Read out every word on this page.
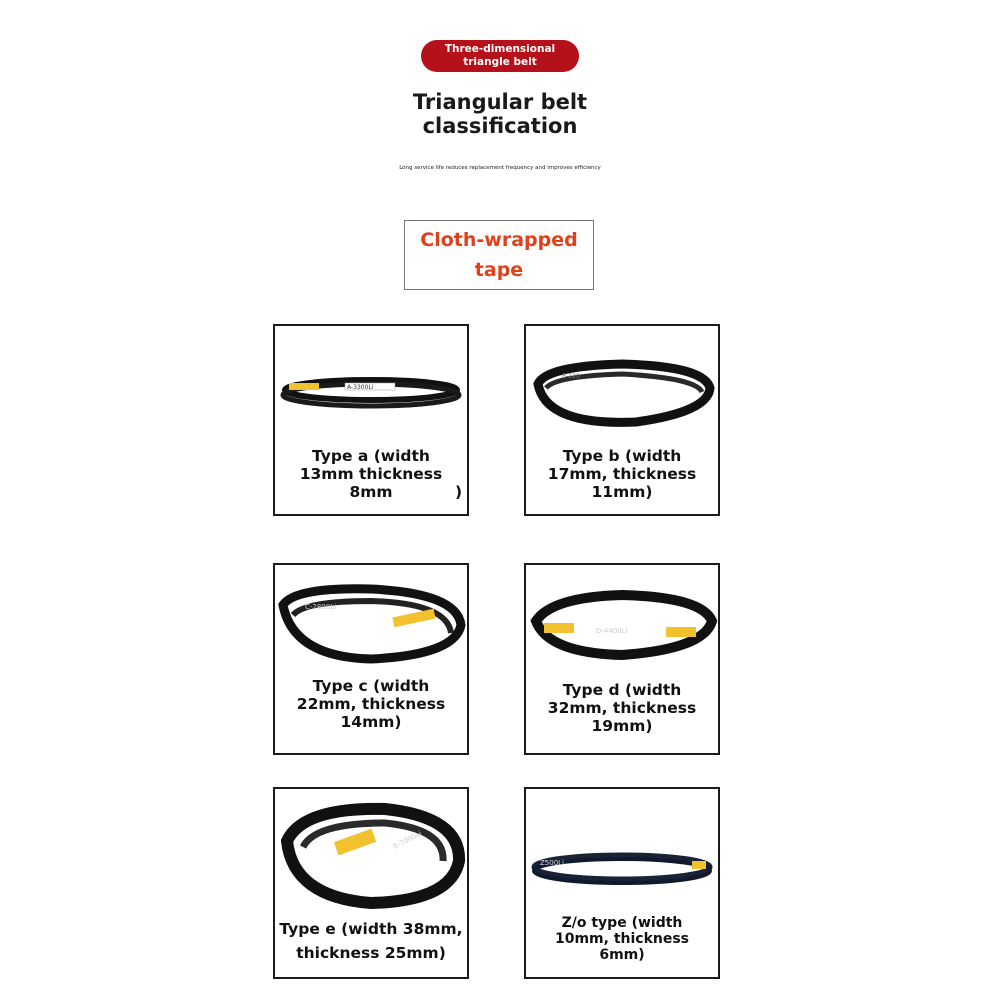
Three-dimensional
triangle belt
Triangular belt
classification
Long service life reduces replacement frequency and improves efficiency
Cloth-wrapped
tape
A-3300Li
Type a (width
13mm thickness
8mm	)
B-120
Type b (width
17mm, thickness
11mm)
C-2800Li
Type c (width
22mm, thickness
14mm)
D-4400Li
Type d (width
32mm, thickness
19mm)
E-7000Li
Type e (width 38mm,
thickness 25mm)
Z500Li
Z/o type (width
10mm, thickness
6mm)
